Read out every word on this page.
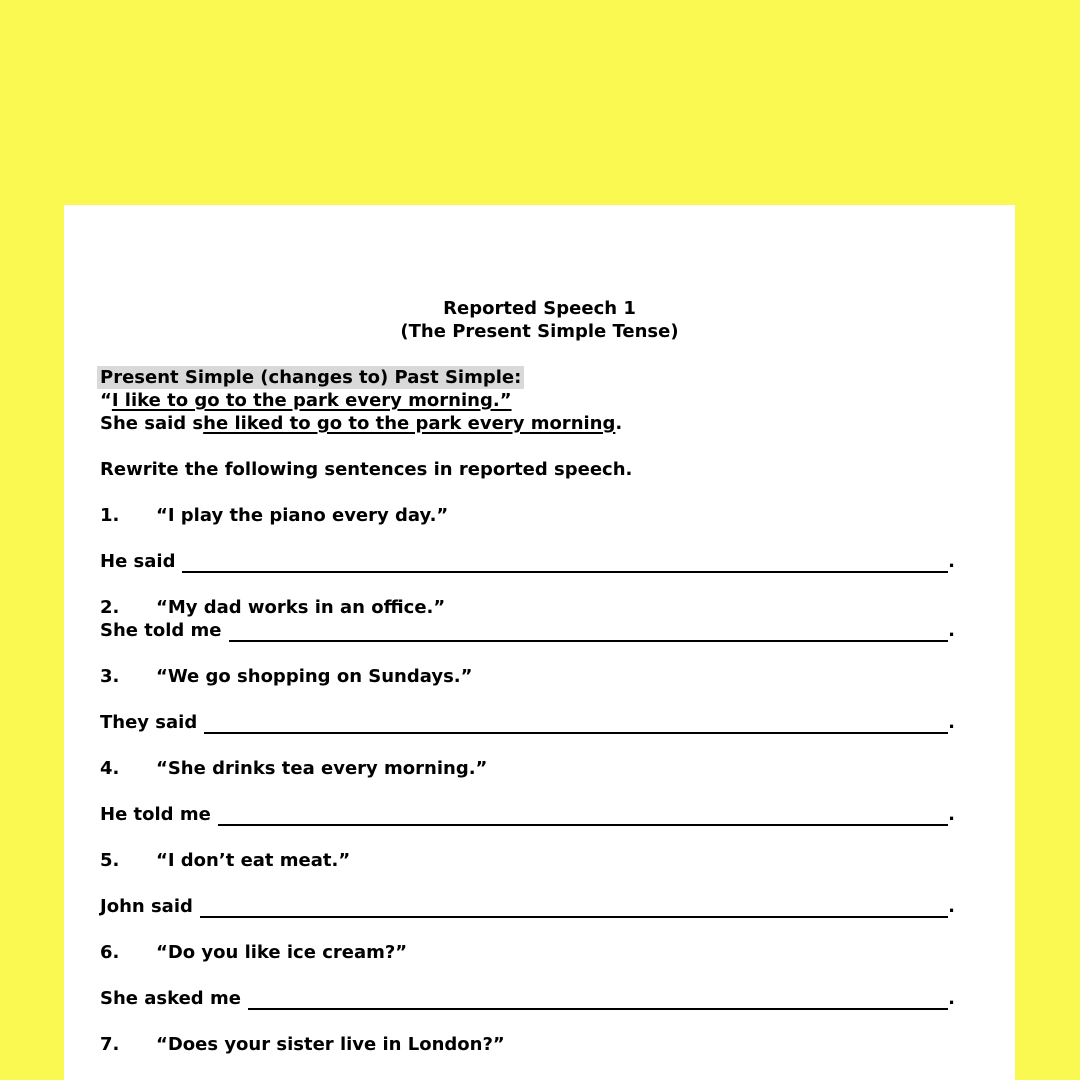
Reported Speech 1
(The Present Simple Tense)
Present Simple (changes to) Past Simple:
“I like to go to the park every morning.”
She said she liked to go to the park every morning.
Rewrite the following sentences in reported speech.
1. “I play the piano every day.”
He said	.
2. “My dad works in an office.”
She told me	.
3. “We go shopping on Sundays.”
They said	.
4. “She drinks tea every morning.”
He told me	.
5. “I don’t eat meat.”
John said	.
6. “Do you like ice cream?”
She asked me	.
7. “Does your sister live in London?”
